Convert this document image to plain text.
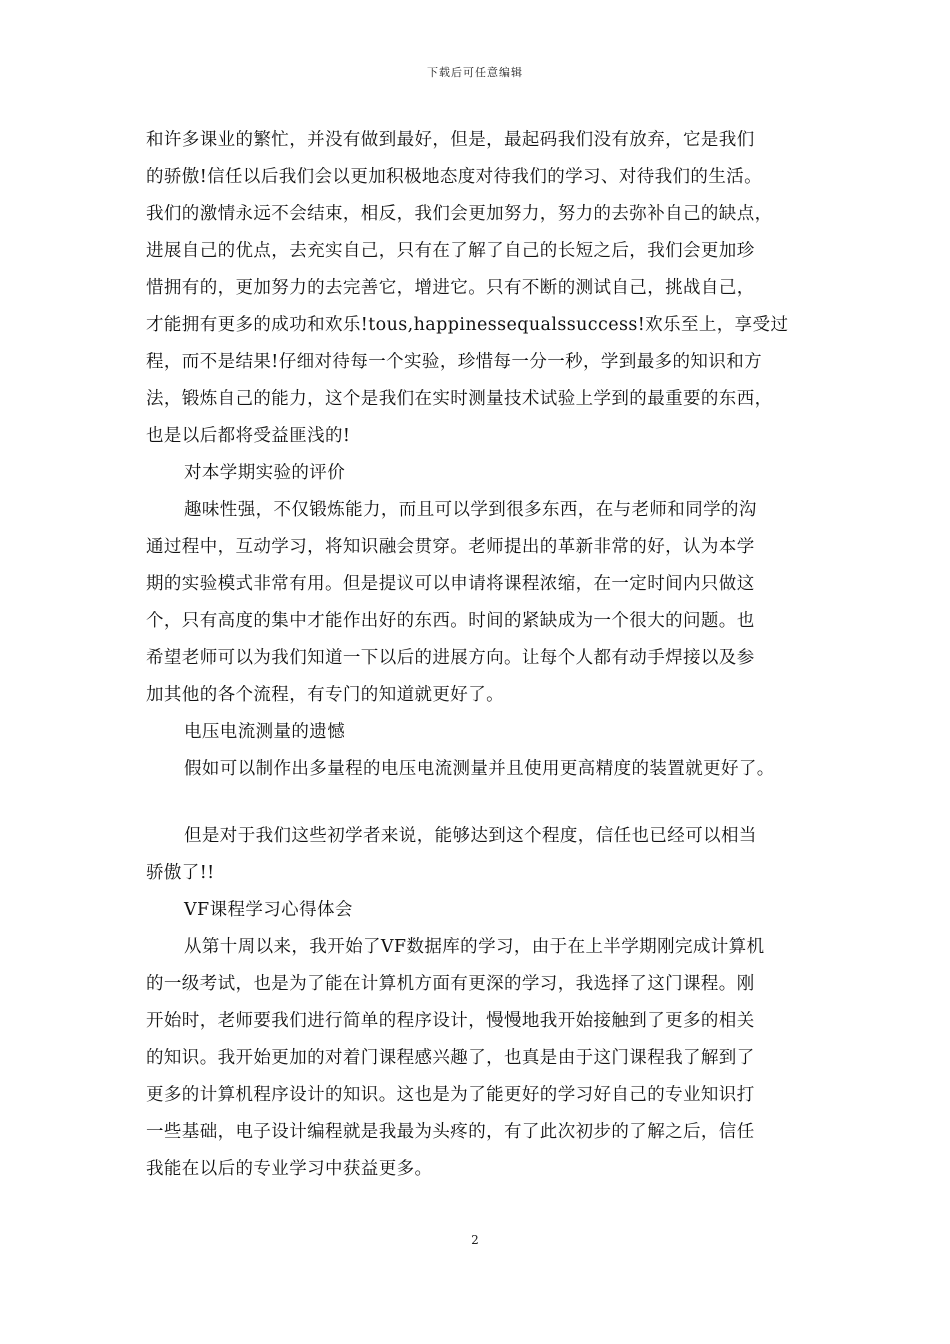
下载后可任意编辑
和许多课业的繁忙，并没有做到最好，但是，最起码我们没有放弃，它是我们
的骄傲!信任以后我们会以更加积极地态度对待我们的学习、对待我们的生活。
我们的激情永远不会结束，相反，我们会更加努力，努力的去弥补自己的缺点，
进展自己的优点，去充实自己，只有在了解了自己的长短之后，我们会更加珍
惜拥有的，更加努力的去完善它，增进它。只有不断的测试自己，挑战自己，
才能拥有更多的成功和欢乐!tous,happinessequalssuccess!欢乐至上，享受过
程，而不是结果!仔细对待每一个实验，珍惜每一分一秒，学到最多的知识和方
法，锻炼自己的能力，这个是我们在实时测量技术试验上学到的最重要的东西，
也是以后都将受益匪浅的!
对本学期实验的评价
趣味性强，不仅锻炼能力，而且可以学到很多东西，在与老师和同学的沟
通过程中，互动学习，将知识融会贯穿。老师提出的革新非常的好，认为本学
期的实验模式非常有用。但是提议可以申请将课程浓缩，在一定时间内只做这
个，只有高度的集中才能作出好的东西。时间的紧缺成为一个很大的问题。也
希望老师可以为我们知道一下以后的进展方向。让每个人都有动手焊接以及参
加其他的各个流程，有专门的知道就更好了。
电压电流测量的遗憾
假如可以制作出多量程的电压电流测量并且使用更高精度的装置就更好了。
但是对于我们这些初学者来说，能够达到这个程度，信任也已经可以相当
骄傲了!!
VF课程学习心得体会
从第十周以来，我开始了VF数据库的学习，由于在上半学期刚完成计算机
的一级考试，也是为了能在计算机方面有更深的学习，我选择了这门课程。刚
开始时，老师要我们进行简单的程序设计，慢慢地我开始接触到了更多的相关
的知识。我开始更加的对着门课程感兴趣了，也真是由于这门课程我了解到了
更多的计算机程序设计的知识。这也是为了能更好的学习好自己的专业知识打
一些基础，电子设计编程就是我最为头疼的，有了此次初步的了解之后，信任
我能在以后的专业学习中获益更多。
2
